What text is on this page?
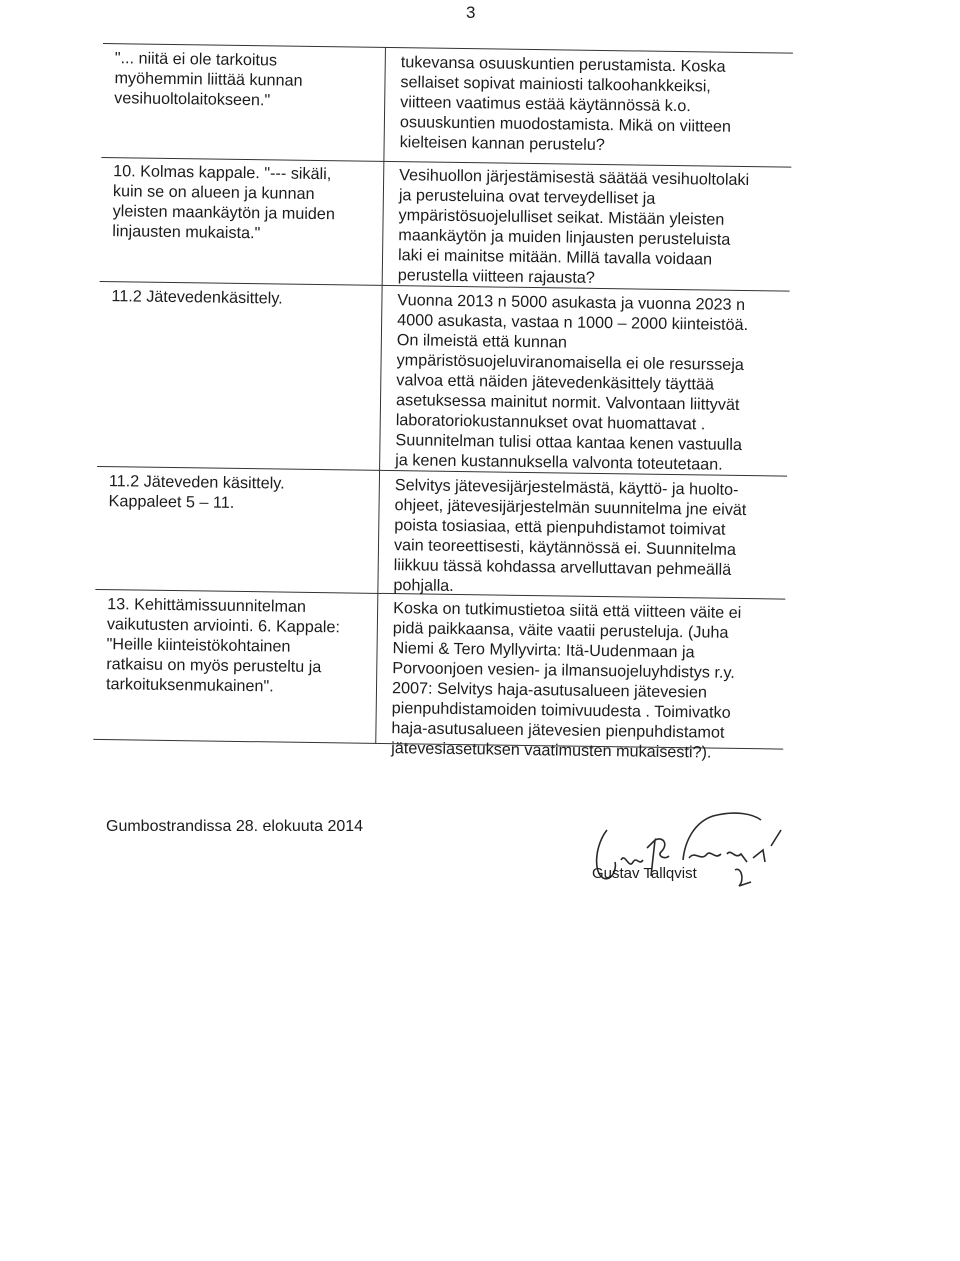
3
"... niitä ei ole tarkoitus
myöhemmin liittää kunnan
vesihuoltolaitokseen."
tukevansa osuuskuntien perustamista. Koska
sellaiset sopivat mainiosti talkoohankkeiksi,
viitteen vaatimus estää käytännössä k.o.
osuuskuntien muodostamista. Mikä on viitteen
kielteisen kannan perustelu?
10. Kolmas kappale. "--- sikäli,
kuin se on alueen ja kunnan
yleisten maankäytön ja muiden
linjausten mukaista."
Vesihuollon järjestämisestä säätää vesihuoltolaki
ja perusteluina ovat terveydelliset ja
ympäristösuojelulliset seikat. Mistään yleisten
maankäytön ja muiden linjausten perusteluista
laki ei mainitse mitään. Millä tavalla voidaan
perustella viitteen rajausta?
11.2 Jätevedenkäsittely.	Vuonna 2013 n 5000 asukasta ja vuonna 2023 n
4000 asukasta, vastaa n 1000 – 2000 kiinteistöä.
On ilmeistä että kunnan
ympäristösuojeluviranomaisella ei ole resursseja
valvoa että näiden jätevedenkäsittely täyttää
asetuksessa mainitut normit. Valvontaan liittyvät
laboratoriokustannukset ovat huomattavat .
Suunnitelman tulisi ottaa kantaa kenen vastuulla
ja kenen kustannuksella valvonta toteutetaan.
11.2 Jäteveden käsittely.
Kappaleet 5 – 11.
Selvitys jätevesijärjestelmästä, käyttö- ja huolto-
ohjeet, jätevesijärjestelmän suunnitelma jne eivät
poista tosiasiaa, että pienpuhdistamot toimivat
vain teoreettisesti, käytännössä ei. Suunnitelma
liikkuu tässä kohdassa arvelluttavan pehmeällä
pohjalla.
13. Kehittämissuunnitelman
vaikutusten arviointi. 6. Kappale:
"Heille kiinteistökohtainen
ratkaisu on myös perusteltu ja
tarkoituksenmukainen".
Koska on tutkimustietoa siitä että viitteen väite ei
pidä paikkaansa, väite vaatii perusteluja. (Juha
Niemi & Tero Myllyvirta: Itä-Uudenmaan ja
Porvoonjoen vesien- ja ilmansuojeluyhdistys r.y.
2007: Selvitys haja-asutusalueen jätevesien
pienpuhdistamoiden toimivuudesta . Toimivatko
haja-asutusalueen jätevesien pienpuhdistamot
jätevesiasetuksen vaatimusten mukaisesti?).
Gumbostrandissa 28. elokuuta 2014
Gustav Tallqvist
